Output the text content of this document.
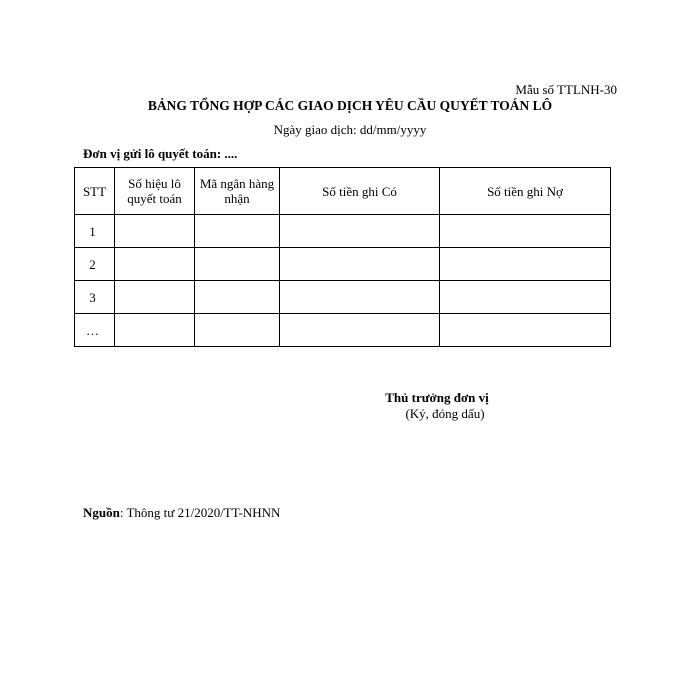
Mẫu số TTLNH-30
BẢNG TỔNG HỢP CÁC GIAO DỊCH YÊU CẦU QUYẾT TOÁN LÔ
Ngày giao dịch: dd/mm/yyyy
Đơn vị gửi lô quyết toán: ....
STT	Số hiệu lô quyết toán	Mã ngân hàng nhận	Số tiền ghi Có	Số tiền ghi Nợ
1				
2				
3				
…				
Thủ trưởng đơn vị
(Ký, đóng dấu)
Nguồn: Thông tư 21/2020/TT-NHNN
